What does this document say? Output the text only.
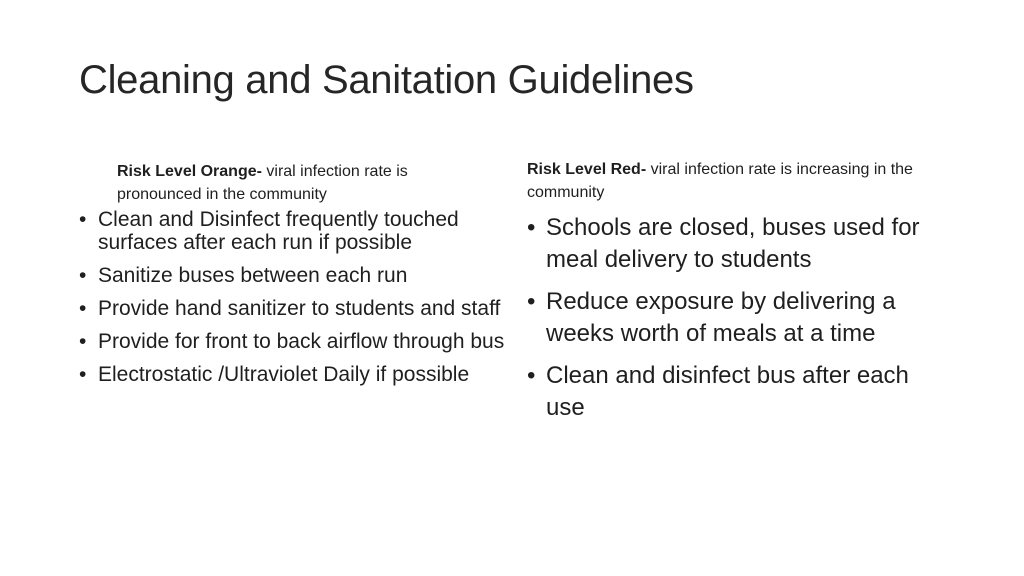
Cleaning and Sanitation Guidelines
Risk Level Orange- viral infection rate is pronounced in the community
• Clean and Disinfect frequently touched surfaces after each run if possible
• Sanitize buses between each run
• Provide hand sanitizer to students and staff
• Provide for front to back airflow through bus
• Electrostatic /Ultraviolet Daily if possible
Risk Level Red- viral infection rate is increasing in the community
• Schools are closed, buses used for meal delivery to students
• Reduce exposure by delivering a weeks worth of meals at a time
• Clean and disinfect bus after each use
